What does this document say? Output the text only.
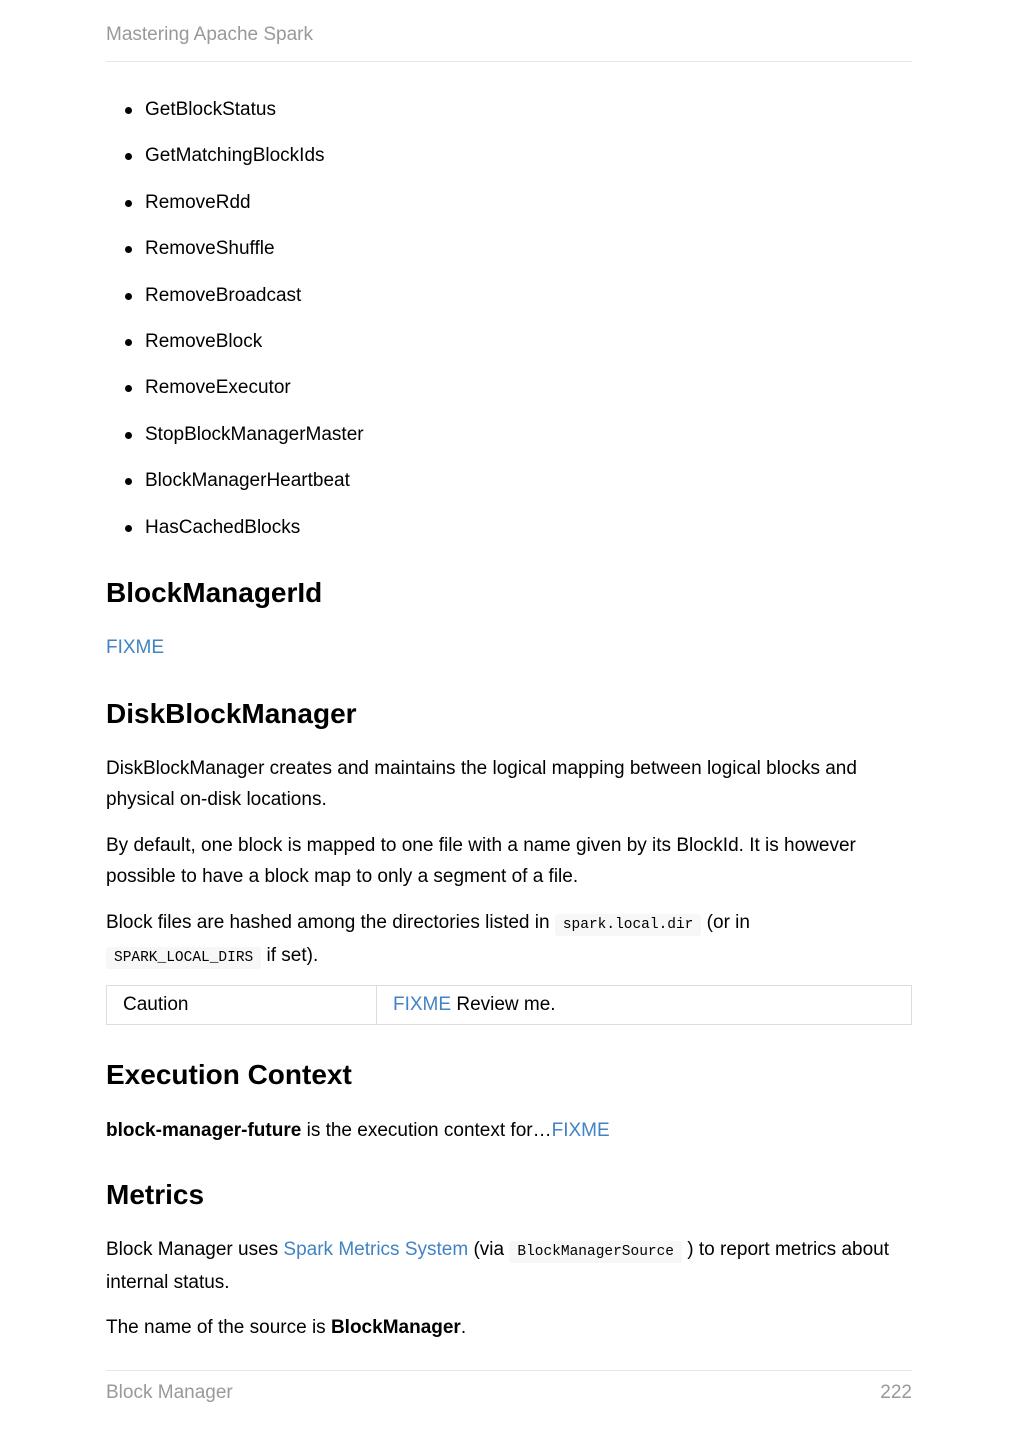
Mastering Apache Spark
GetBlockStatus
GetMatchingBlockIds
RemoveRdd
RemoveShuffle
RemoveBroadcast
RemoveBlock
RemoveExecutor
StopBlockManagerMaster
BlockManagerHeartbeat
HasCachedBlocks
BlockManagerId
FIXME
DiskBlockManager
DiskBlockManager creates and maintains the logical mapping between logical blocks and physical on-disk locations.
By default, one block is mapped to one file with a name given by its BlockId. It is however possible to have a block map to only a segment of a file.
Block files are hashed among the directories listed in spark.local.dir (or in SPARK_LOCAL_DIRS if set).
Caution	FIXME Review me.
Execution Context
block-manager-future is the execution context for…FIXME
Metrics
Block Manager uses Spark Metrics System (via BlockManagerSource ) to report metrics about internal status.
The name of the source is BlockManager.
Block Manager	222
